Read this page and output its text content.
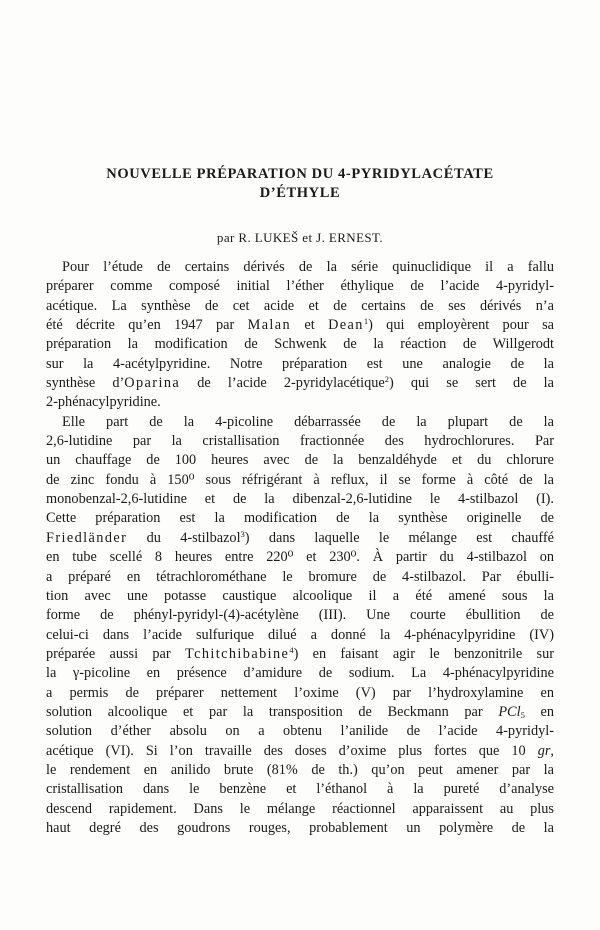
NOUVELLE PRÉPARATION DU 4-PYRIDYLACÉTATE
D’ÉTHYLE
par R. LUKEŠ et J. ERNEST.
Pour l’étude de certains dérivés de la série quinuclidique il a fallu
préparer comme composé initial l’éther éthylique de l’acide 4-pyridyl-
acétique. La synthèse de cet acide et de certains de ses dérivés n’a
été décrite qu’en 1947 par Malan et Dean$^1$) qui employèrent pour sa
préparation la modification de Schwenk de la réaction de Willgerodt
sur la 4-acétylpyridine. Notre préparation est une analogie de la
synthèse d’Oparina de l’acide 2-pyridylacétique$^2$) qui se sert de la
2-phénacylpyridine.
Elle part de la 4-picoline débarrassée de la plupart de la
2,6-lutidine par la cristallisation fractionnée des hydrochlorures. Par
un chauffage de 100 heures avec de la benzaldéhyde et du chlorure
de zinc fondu à 150⁰ sous réfrigérant à reflux, il se forme à côté de la
monobenzal-2,6-lutidine et de la dibenzal-2,6-lutidine le 4-stilbazol (I).
Cette préparation est la modification de la synthèse originelle de
Friedländer du 4-stilbazol$^3$) dans laquelle le mélange est chauffé
en tube scellé 8 heures entre 220⁰ et 230⁰. À partir du 4-stilbazol on
a préparé en tétrachlorométhane le bromure de 4-stilbazol. Par ébulli-
tion avec une potasse caustique alcoolique il a été amené sous la
forme de phényl-pyridyl-(4)-acétylène (III). Une courte ébullition de
celui-ci dans l’acide sulfurique dilué a donné la 4-phénacylpyridine (IV)
préparée aussi par Tchitchibabine$^4$) en faisant agir le benzonitrile sur
la γ-picoline en présence d’amidure de sodium. La 4-phénacylpyridine
a permis de préparer nettement l’oxime (V) par l’hydroxylamine en
solution alcoolique et par la transposition de Beckmann par PCl$_5$ en
solution d’éther absolu on a obtenu l’anilide de l’acide 4-pyridyl-
acétique (VI). Si l’on travaille des doses d’oxime plus fortes que 10 gr,
le rendement en anilido brute (81% de th.) qu’on peut amener par la
cristallisation dans le benzène et l’éthanol à la pureté d’analyse
descend rapidement. Dans le mélange réactionnel apparaissent au plus
haut degré des goudrons rouges, probablement un polymère de la
